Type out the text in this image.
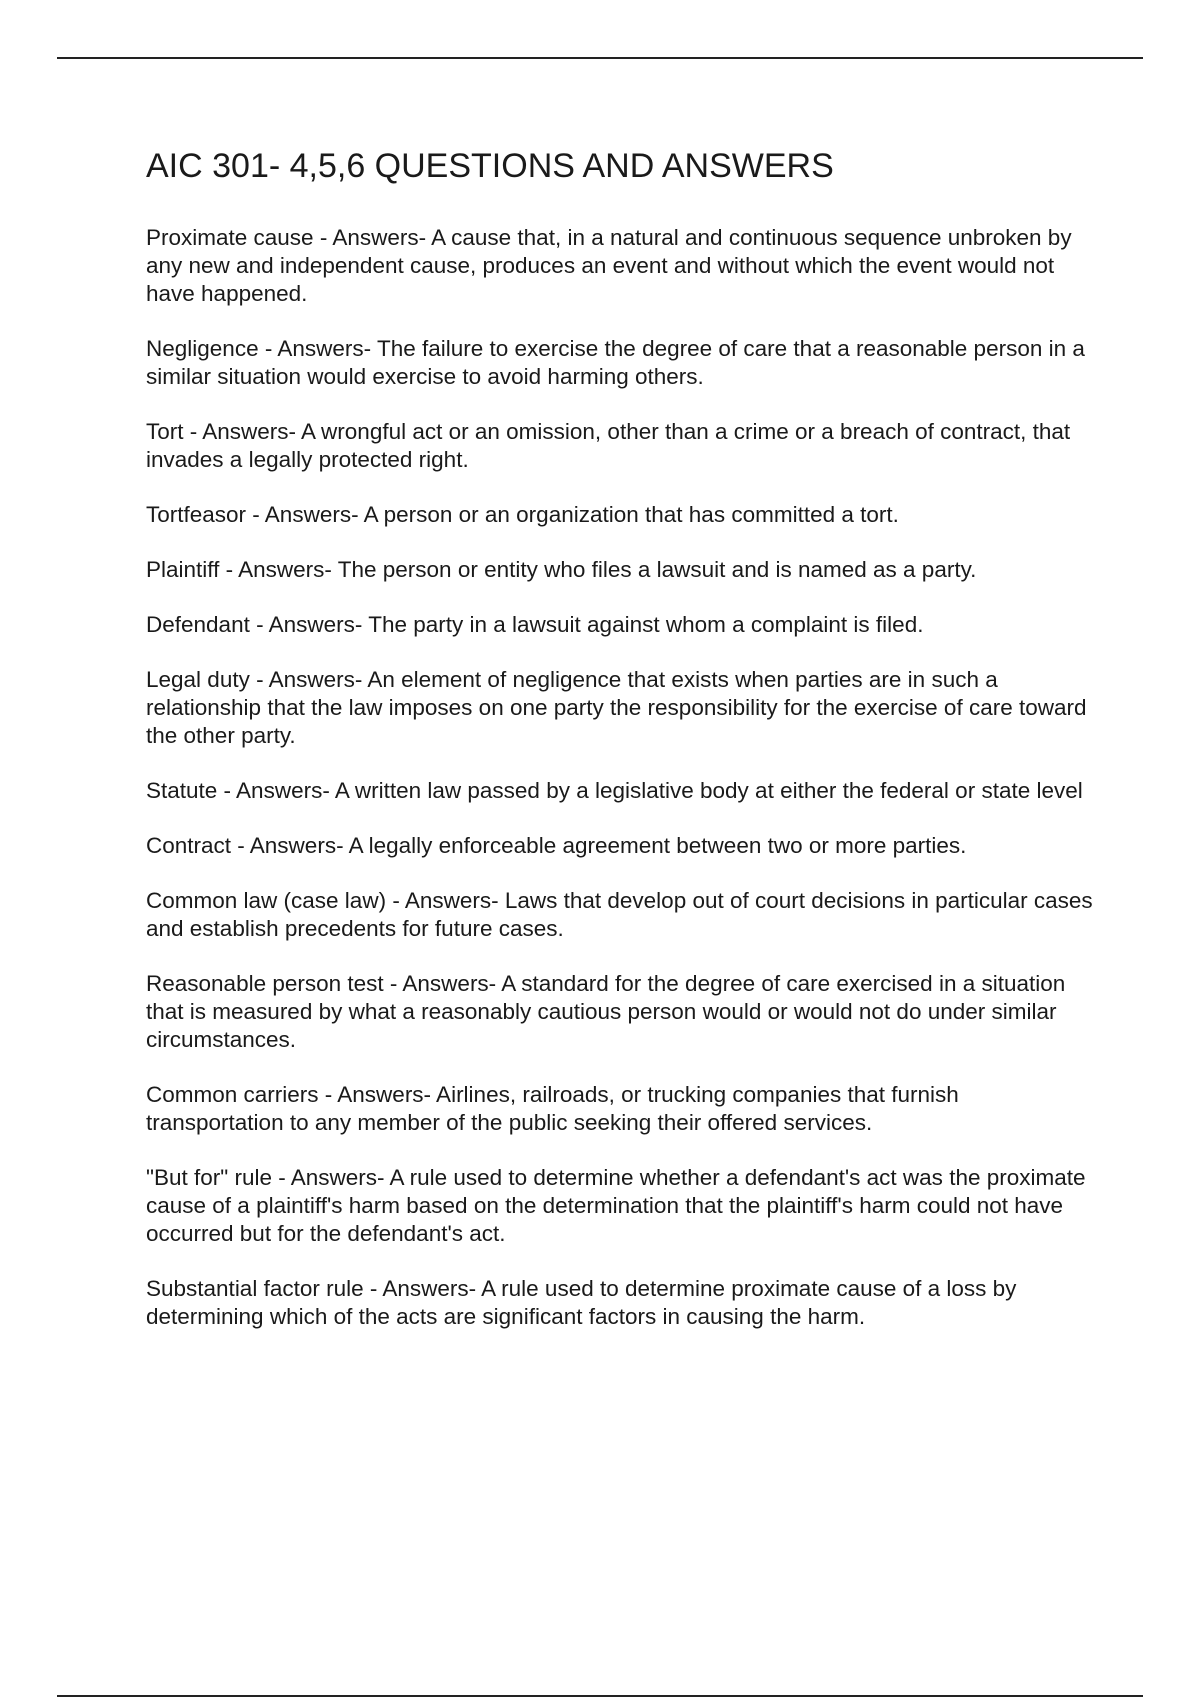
AIC 301- 4,5,6 QUESTIONS AND ANSWERS

Proximate cause - Answers- A cause that, in a natural and continuous sequence unbroken by any new and independent cause, produces an event and without which the event would not have happened.

Negligence - Answers- The failure to exercise the degree of care that a reasonable person in a similar situation would exercise to avoid harming others.

Tort - Answers- A wrongful act or an omission, other than a crime or a breach of contract, that invades a legally protected right.

Tortfeasor - Answers- A person or an organization that has committed a tort.

Plaintiff - Answers- The person or entity who files a lawsuit and is named as a party.

Defendant - Answers- The party in a lawsuit against whom a complaint is filed.

Legal duty - Answers- An element of negligence that exists when parties are in such a relationship that the law imposes on one party the responsibility for the exercise of care toward the other party.

Statute - Answers- A written law passed by a legislative body at either the federal or state level

Contract - Answers- A legally enforceable agreement between two or more parties.

Common law (case law) - Answers- Laws that develop out of court decisions in particular cases and establish precedents for future cases.

Reasonable person test - Answers- A standard for the degree of care exercised in a situation that is measured by what a reasonably cautious person would or would not do under similar circumstances.

Common carriers - Answers- Airlines, railroads, or trucking companies that furnish transportation to any member of the public seeking their offered services.

"But for" rule - Answers- A rule used to determine whether a defendant's act was the proximate cause of a plaintiff's harm based on the determination that the plaintiff's harm could not have occurred but for the defendant's act.

Substantial factor rule - Answers- A rule used to determine proximate cause of a loss by determining which of the acts are significant factors in causing the harm.
